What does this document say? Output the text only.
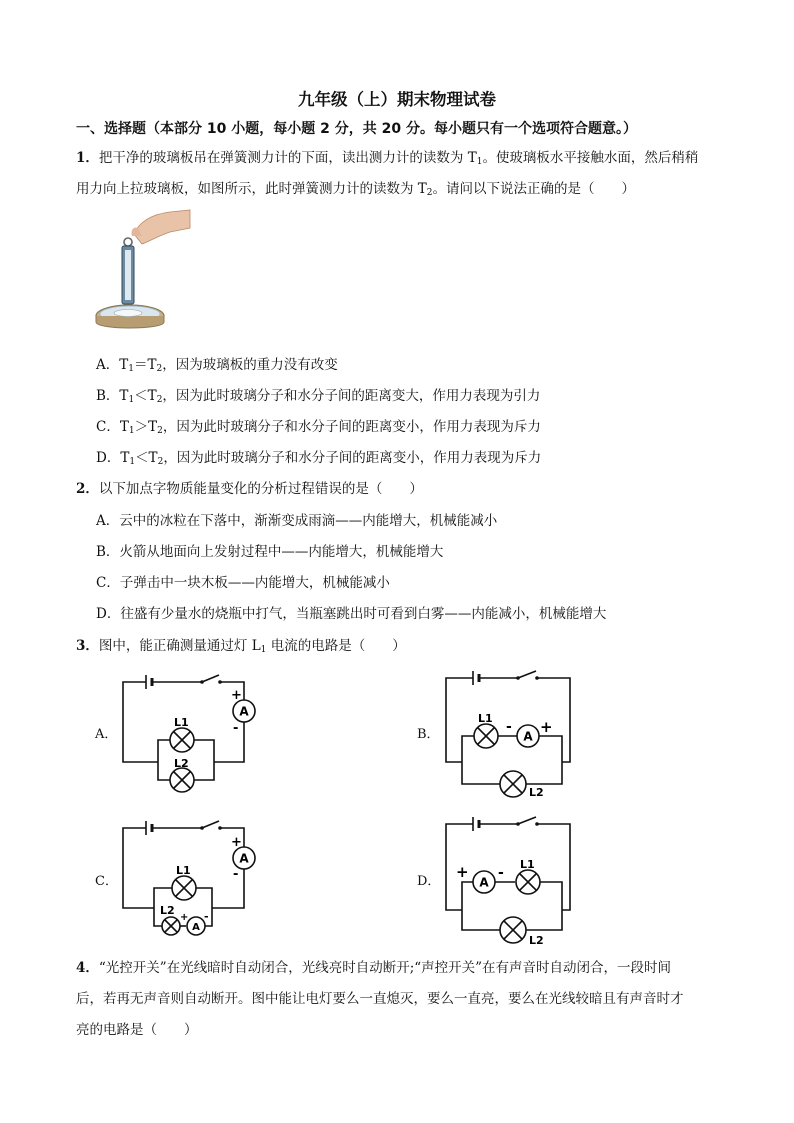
九年级（上）期末物理试卷
一、选择题（本部分 10 小题，每小题 2 分，共 20 分。每小题只有一个选项符合题意。）
1．把干净的玻璃板吊在弹簧测力计的下面，读出测力计的读数为 $T_1$。使玻璃板水平接触水面，然后稍稍
用力向上拉玻璃板，如图所示，此时弹簧测力计的读数为 $T_2$。请问以下说法正确的是（　　）
A．$T_1=T_2$，因为玻璃板的重力没有改变
B．$T_1<T_2$，因为此时玻璃分子和水分子间的距离变大，作用力表现为引力
C．$T_1>T_2$，因为此时玻璃分子和水分子间的距离变小，作用力表现为斥力
D．$T_1<T_2$，因为此时玻璃分子和水分子间的距离变小，作用力表现为斥力
2．以下加点字物质能量变化的分析过程错误的是（　　）
A．云中的冰粒在下落中，渐渐变成雨滴——内能增大，机械能减小
B．火箭从地面向上发射过程中——内能增大，机械能增大
C．子弹击中一块木板——内能增大，机械能减小
D．往盛有少量水的烧瓶中打气，当瓶塞跳出时可看到白雾——内能减小，机械能增大
3．图中，能正确测量通过灯 $L_1$ 电流的电路是（　　）
A．
A
+
-
L1
L2
B．	A
- +
L1
L2
C．
A
+
-
L1
L2
A
+ -
D．	A
+ -
L1
L2
4．“光控开关”在光线暗时自动闭合，光线亮时自动断开;“声控开关”在有声音时自动闭合，一段时间
后，若再无声音则自动断开。图中能让电灯要么一直熄灭，要么一直亮，要么在光线较暗且有声音时才
亮的电路是（　　）
